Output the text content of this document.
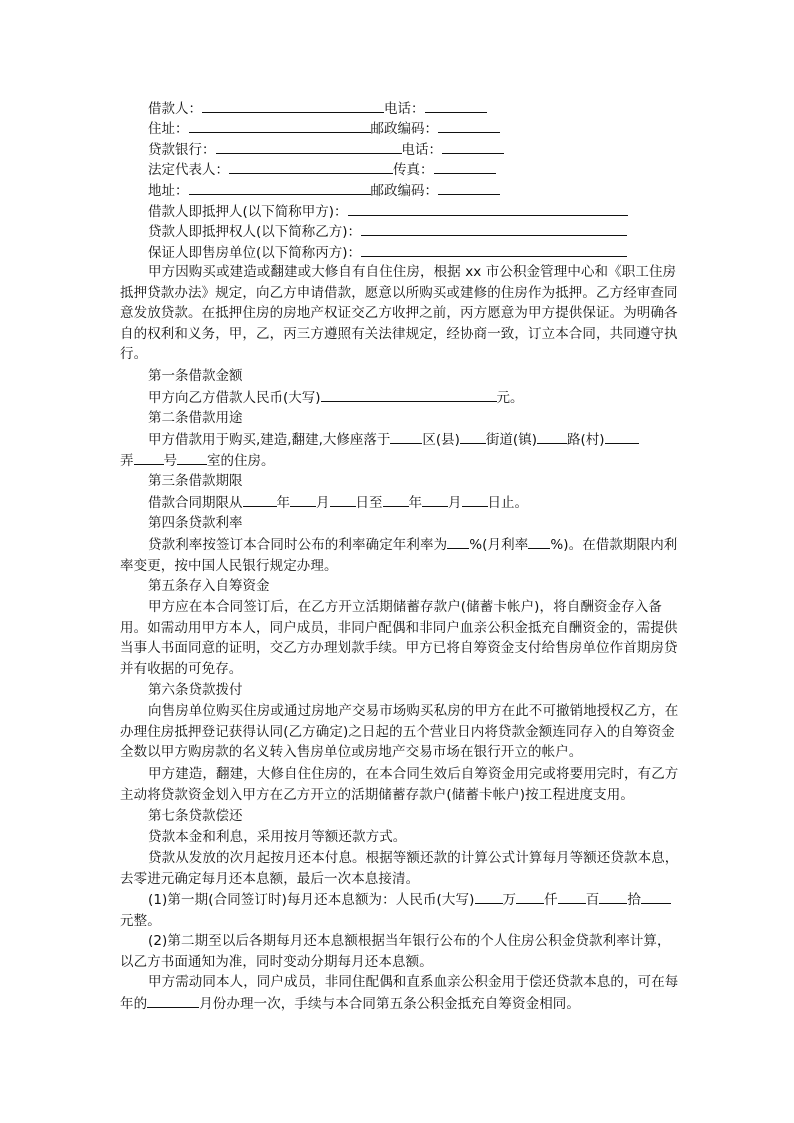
借款人：	电话：
住址：	邮政编码：
贷款银行：	电话：
法定代表人：	传真：
地址：	邮政编码：
借款人即抵押人(以下简称甲方)：
贷款人即抵押权人(以下简称乙方)：
保证人即售房单位(以下简称丙方)：
甲方因购买或建造或翻建或大修自有自住住房，根据 xx 市公积金管理中心和《职工住房抵押贷款办法》规定，向乙方申请借款，愿意以所购买或建修的住房作为抵押。乙方经审查同意发放贷款。在抵押住房的房地产权证交乙方收押之前，丙方愿意为甲方提供保证。为明确各自的权利和义务，甲，乙，丙三方遵照有关法律规定，经协商一致，订立本合同，共同遵守执行。
第一条借款金额
甲方向乙方借款人民币(大写)	元。
第二条借款用途
甲方借款用于购买,建造,翻建,大修座落于 区(县) 街道(镇) 路(村)
弄 号 室的住房。
第三条借款期限
借款合同期限从	年 月 日至 年 月 日止。
第四条贷款利率
贷款利率按签订本合同时公布的利率确定年利率为 %(月利率 %)。在借款期限内利率变更，按中国人民银行规定办理。
第五条存入自筹资金
甲方应在本合同签订后，在乙方开立活期储蓄存款户(储蓄卡帐户)，将自酬资金存入备用。如需动用甲方本人，同户成员，非同户配偶和非同户血亲公积金抵充自酬资金的，需提供当事人书面同意的证明，交乙方办理划款手续。甲方已将自筹资金支付给售房单位作首期房贷并有收据的可免存。
第六条贷款拨付
向售房单位购买住房或通过房地产交易市场购买私房的甲方在此不可撤销地授权乙方，在办理住房抵押登记获得认同(乙方确定)之日起的五个营业日内将贷款金额连同存入的自筹资金全数以甲方购房款的名义转入售房单位或房地产交易市场在银行开立的帐户。
甲方建造，翻建，大修自住住房的，在本合同生效后自筹资金用完或将要用完时，有乙方主动将贷款资金划入甲方在乙方开立的活期储蓄存款户(储蓄卡帐户)按工程进度支用。
第七条贷款偿还
贷款本金和利息，采用按月等额还款方式。
贷款从发放的次月起按月还本付息。根据等额还款的计算公式计算每月等额还贷款本息，去零进元确定每月还本息额，最后一次本息接清。
(1)第一期(合同签订时)每月还本息额为：人民币(大写) 万 仟 百 拾元整。
(2)第二期至以后各期每月还本息额根据当年银行公布的个人住房公积金贷款利率计算，以乙方书面通知为准，同时变动分期每月还本息额。
甲方需动同本人，同户成员，非同住配偶和直系血亲公积金用于偿还贷款本息的，可在每年的	月份办理一次，手续与本合同第五条公积金抵充自筹资金相同。
